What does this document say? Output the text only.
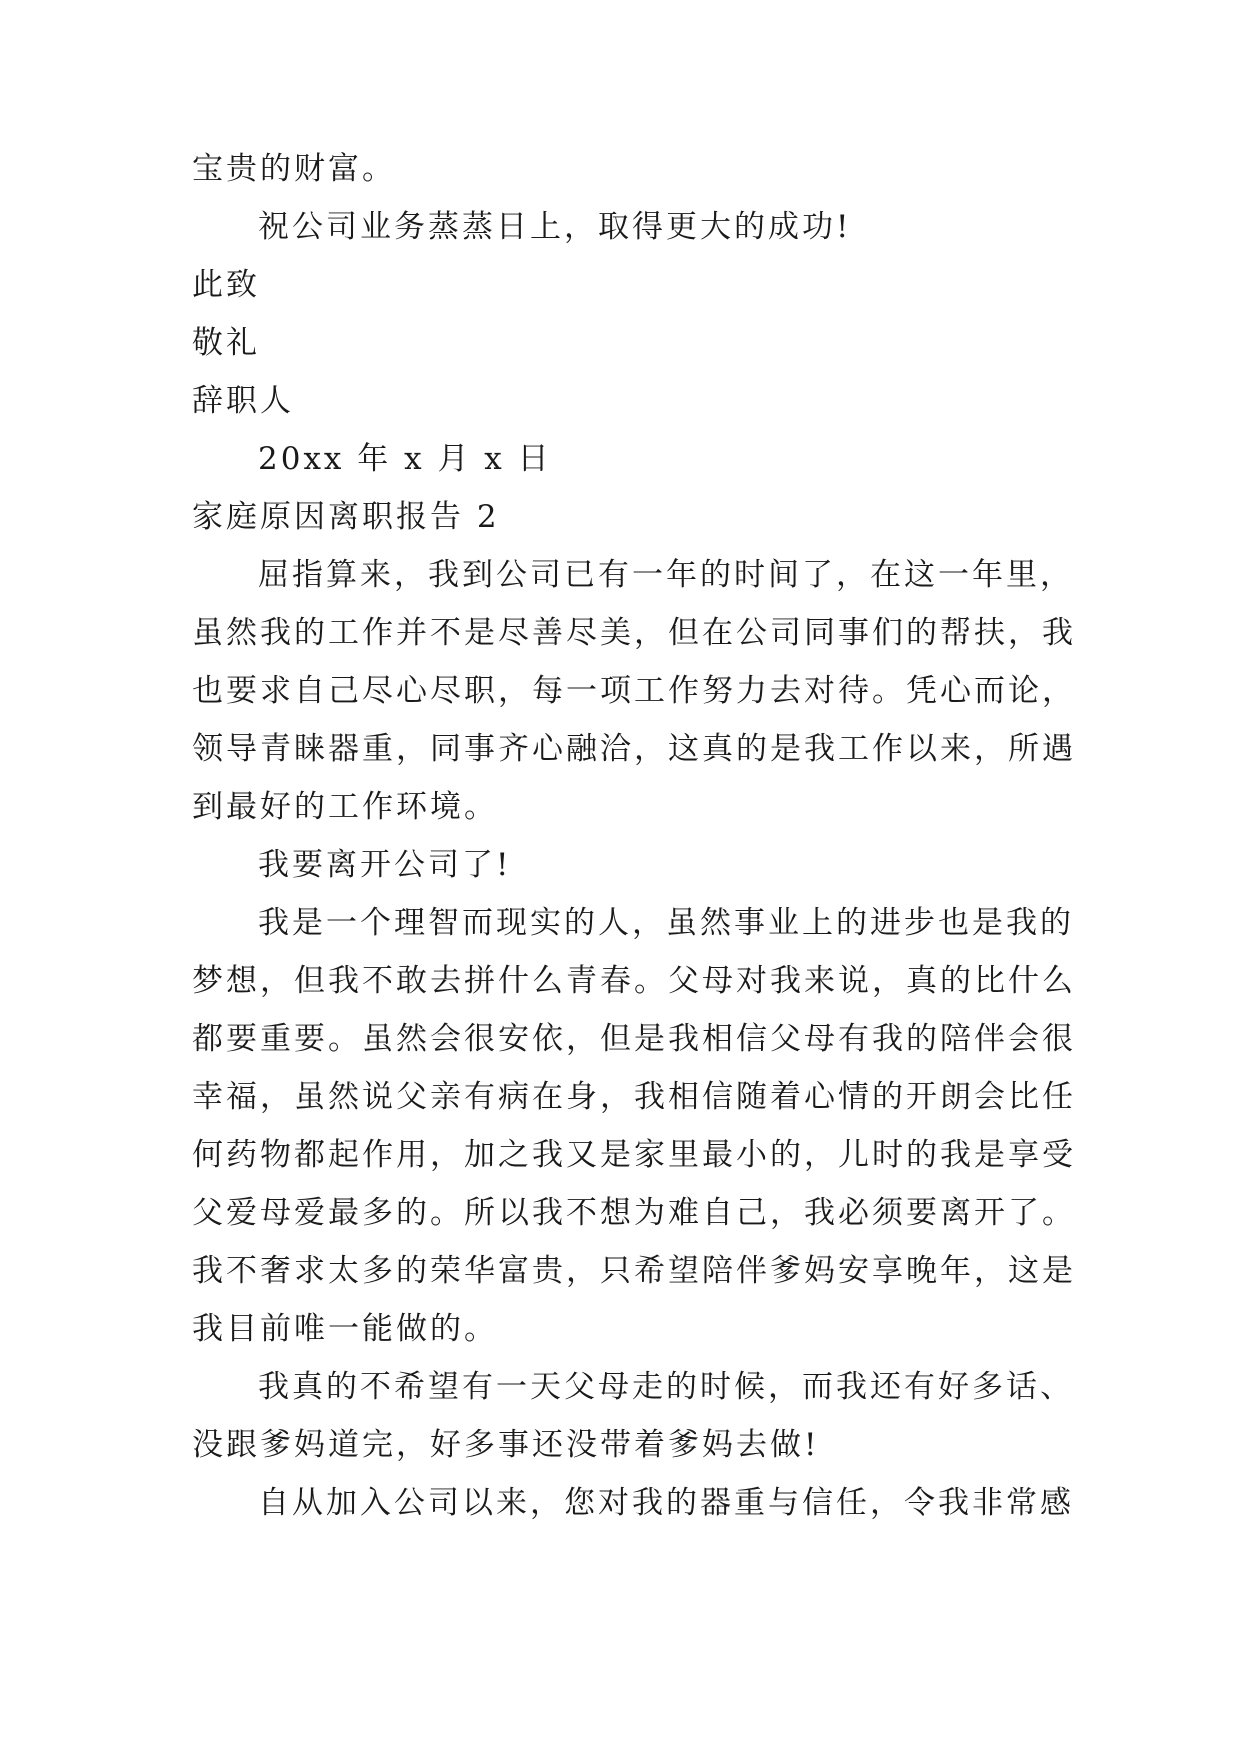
宝贵的财富。
祝公司业务蒸蒸日上，取得更大的成功!
此致
敬礼
辞职人
20xx 年 x 月 x 日
家庭原因离职报告 2
屈指算来，我到公司已有一年的时间了，在这一年里，
虽然我的工作并不是尽善尽美，但在公司同事们的帮扶，我
也要求自己尽心尽职，每一项工作努力去对待。凭心而论，
领导青睐器重，同事齐心融洽，这真的是我工作以来，所遇
到最好的工作环境。
我要离开公司了!
我是一个理智而现实的人，虽然事业上的进步也是我的
梦想，但我不敢去拼什么青春。父母对我来说，真的比什么
都要重要。虽然会很安依，但是我相信父母有我的陪伴会很
幸福，虽然说父亲有病在身，我相信随着心情的开朗会比任
何药物都起作用，加之我又是家里最小的，儿时的我是享受
父爱母爱最多的。所以我不想为难自己，我必须要离开了。
我不奢求太多的荣华富贵，只希望陪伴爹妈安享晚年，这是
我目前唯一能做的。
我真的不希望有一天父母走的时候，而我还有好多话、
没跟爹妈道完，好多事还没带着爹妈去做!
自从加入公司以来，您对我的器重与信任，令我非常感
